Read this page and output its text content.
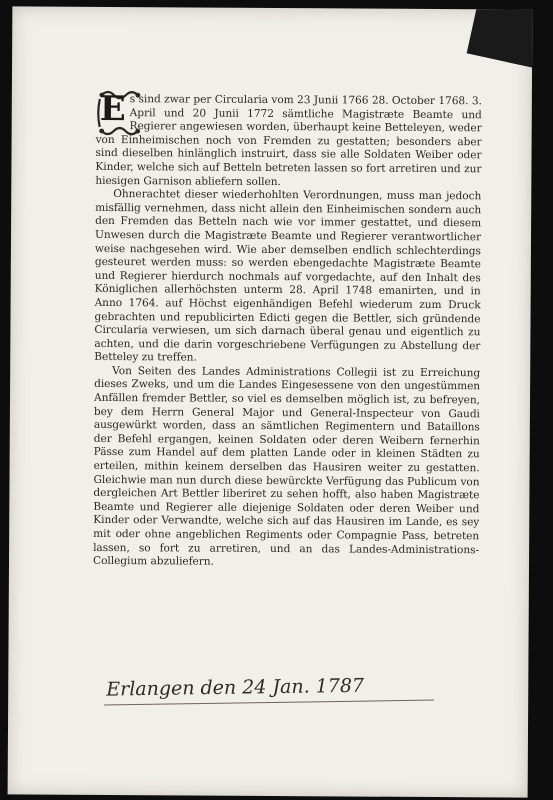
E s sind zwar per Circularia vom 23 Junii 1766 28. October 1768. 3. April und 20 Junii 1772 sämtliche Magistræte Beamte und Regierer angewiesen worden, überhaupt keine Betteleyen, weder von Einheimischen noch von Fremden zu gestatten; besonders aber sind dieselben hinlänglich instruirt, dass sie alle Soldaten Weiber oder Kinder, welche sich auf Betteln betreten lassen so fort arretiren und zur hiesigen Garnison abliefern sollen.

Ohnerachtet dieser wiederhohlten Verordnungen, muss man jedoch misfällig vernehmen, dass nicht allein den Einheimischen sondern auch den Fremden das Betteln nach wie vor immer gestattet, und diesem Unwesen durch die Magistræte Beamte und Regierer verantwortlicher weise nachgesehen wird. Wie aber demselben endlich schlechterdings gesteuret werden muss: so werden ebengedachte Magistræte Beamte und Regierer hierdurch nochmals auf vorgedachte, auf den Inhalt des Königlichen allerhöchsten unterm 28. April 1748 emanirten, und in Anno 1764. auf Höchst eigenhändigen Befehl wiederum zum Druck gebrachten und republicirten Edicti gegen die Bettler, sich gründende Circularia verwiesen, um sich darnach überal genau und eigentlich zu achten, und die darin vorgeschriebene Verfügungen zu Abstellung der Betteley zu treffen.

Von Seiten des Landes Administrations Collegii ist zu Erreichung dieses Zweks, und um die Landes Eingesessene von den ungestümmen Anfällen fremder Bettler, so viel es demselben möglich ist, zu befreyen, bey dem Herrn General Major und General-Inspecteur von Gaudi ausgewürkt worden, dass an sämtlichen Regimentern und Bataillons der Befehl ergangen, keinen Soldaten oder deren Weibern fernerhin Pässe zum Handel auf dem platten Lande oder in kleinen Städten zu erteilen, mithin keinem derselben das Hausiren weiter zu gestatten. Gleichwie man nun durch diese bewürckte Verfügung das Publicum von dergleichen Art Bettler liberiret zu sehen hofft, also haben Magistræte Beamte und Regierer alle diejenige Soldaten oder deren Weiber und Kinder oder Verwandte, welche sich auf das Hausiren im Lande, es sey mit oder ohne angeblichen Regiments oder Compagnie Pass, betreten lassen, so fort zu arretiren, und an das Landes-Administrations-Collegium abzuliefern.

Erlangen den 24 Jan. 1787
